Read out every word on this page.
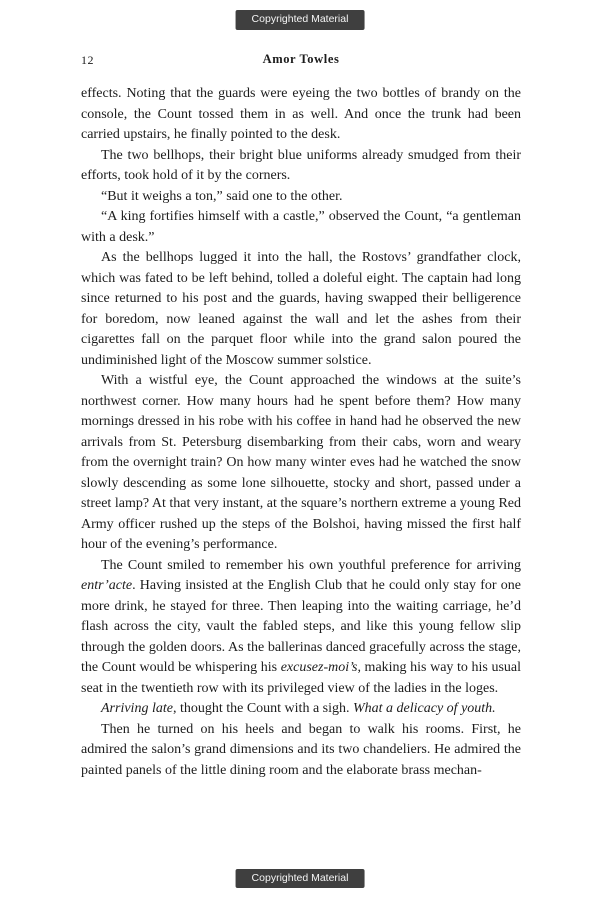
Copyrighted Material
12	Amor Towles

effects. Noting that the guards were eyeing the two bottles of brandy on the console, the Count tossed them in as well. And once the trunk had been carried upstairs, he finally pointed to the desk.

The two bellhops, their bright blue uniforms already smudged from their efforts, took hold of it by the corners.

“But it weighs a ton,” said one to the other.

“A king fortifies himself with a castle,” observed the Count, “a gentleman with a desk.”

As the bellhops lugged it into the hall, the Rostovs’ grandfather clock, which was fated to be left behind, tolled a doleful eight. The captain had long since returned to his post and the guards, having swapped their belligerence for boredom, now leaned against the wall and let the ashes from their cigarettes fall on the parquet floor while into the grand salon poured the undiminished light of the Moscow summer solstice.

With a wistful eye, the Count approached the windows at the suite’s northwest corner. How many hours had he spent before them? How many mornings dressed in his robe with his coffee in hand had he observed the new arrivals from St. Petersburg disembarking from their cabs, worn and weary from the overnight train? On how many winter eves had he watched the snow slowly descending as some lone silhouette, stocky and short, passed under a street lamp? At that very instant, at the square’s northern extreme a young Red Army officer rushed up the steps of the Bolshoi, having missed the first half hour of the evening’s performance.

The Count smiled to remember his own youthful preference for arriving entr’acte. Having insisted at the English Club that he could only stay for one more drink, he stayed for three. Then leaping into the waiting carriage, he’d flash across the city, vault the fabled steps, and like this young fellow slip through the golden doors. As the ballerinas danced gracefully across the stage, the Count would be whispering his excusez-moi’s, making his way to his usual seat in the twentieth row with its privileged view of the ladies in the loges.

Arriving late, thought the Count with a sigh. What a delicacy of youth.

Then he turned on his heels and began to walk his rooms. First, he admired the salon’s grand dimensions and its two chandeliers. He admired the painted panels of the little dining room and the elaborate brass mechan-

Copyrighted Material
